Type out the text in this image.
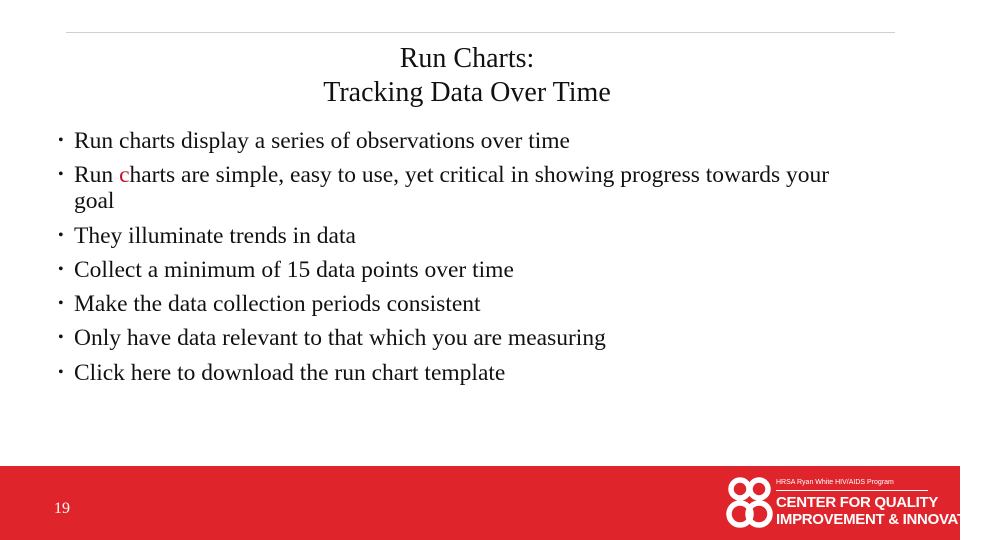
Run Charts:
Tracking Data Over Time
• Run charts display a series of observations over time
• Run charts are simple, easy to use, yet critical in showing progress towards your goal
• They illuminate trends in data
• Collect a minimum of 15 data points over time
• Make the data collection periods consistent
• Only have data relevant to that which you are measuring
• Click here to download the run chart template
19
HRSA Ryan White HIV/AIDS Program
CENTER FOR QUALITY
IMPROVEMENT & INNOVATION
